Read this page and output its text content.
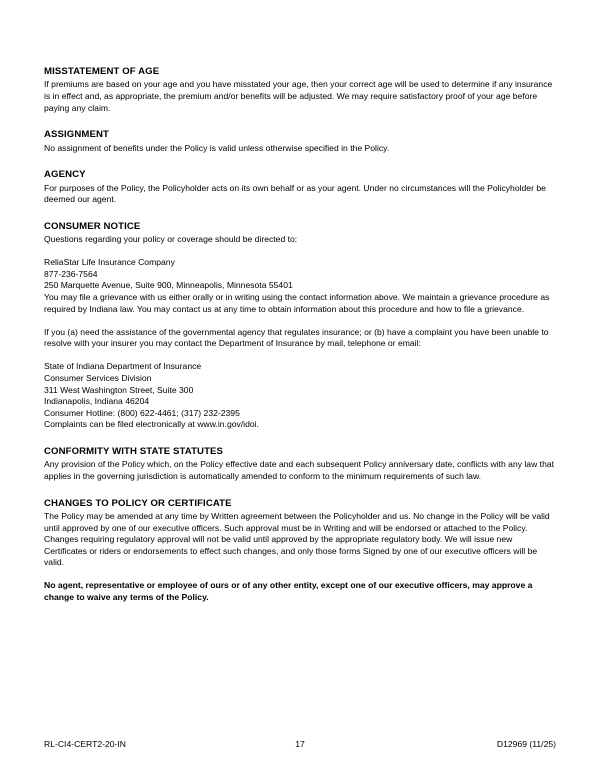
MISSTATEMENT OF AGE

If premiums are based on your age and you have misstated your age, then your correct age will be used to determine if any insurance is in effect and, as appropriate, the premium and/or benefits will be adjusted. We may require satisfactory proof of your age before paying any claim.

ASSIGNMENT

No assignment of benefits under the Policy is valid unless otherwise specified in the Policy.

AGENCY

For purposes of the Policy, the Policyholder acts on its own behalf or as your agent. Under no circumstances will the Policyholder be deemed our agent.

CONSUMER NOTICE

Questions regarding your policy or coverage should be directed to:

ReliaStar Life Insurance Company
877-236-7564
250 Marquette Avenue, Suite 900, Minneapolis, Minnesota 55401

You may file a grievance with us either orally or in writing using the contact information above. We maintain a grievance procedure as required by Indiana law. You may contact us at any time to obtain information about this procedure and how to file a grievance.

If you (a) need the assistance of the governmental agency that regulates insurance; or (b) have a complaint you have been unable to resolve with your insurer you may contact the Department of Insurance by mail, telephone or email:

State of Indiana Department of Insurance
Consumer Services Division
311 West Washington Street, Suite 300
Indianapolis, Indiana 46204
Consumer Hotline: (800) 622-4461; (317) 232-2395
Complaints can be filed electronically at www.in.gov/idoi.
CONFORMITY WITH STATE STATUTES

Any provision of the Policy which, on the Policy effective date and each subsequent Policy anniversary date, conflicts with any law that applies in the governing jurisdiction is automatically amended to conform to the minimum requirements of such law.

CHANGES TO POLICY OR CERTIFICATE

The Policy may be amended at any time by Written agreement between the Policyholder and us. No change in the Policy will be valid until approved by one of our executive officers. Such approval must be in Writing and will be endorsed or attached to the Policy. Changes requiring regulatory approval will not be valid until approved by the appropriate regulatory body. We will issue new Certificates or riders or endorsements to effect such changes, and only those forms Signed by one of our executive officers will be valid.

No agent, representative or employee of ours or of any other entity, except one of our executive officers, may approve a change to waive any terms of the Policy.

RL-CI4-CERT2-20-IN	17	D12969 (11/25)
